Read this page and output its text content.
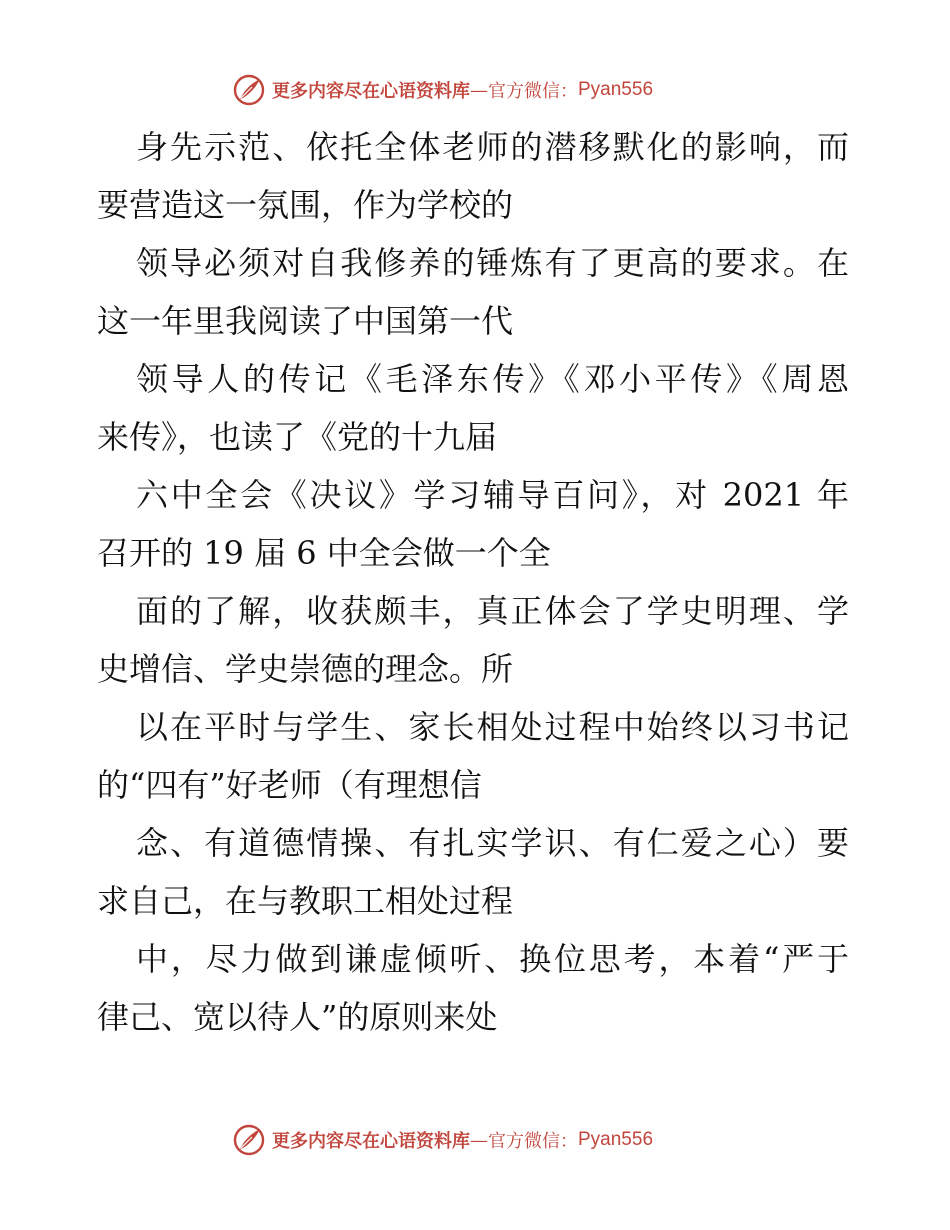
更多内容尽在心语资料库 — 官方微信： Pyan556
身先示范、依托全体老师的潜移默化的影响，而
要营造这一氛围，作为学校的
领导必须对自我修养的锤炼有了更高的要求。在
这一年里我阅读了中国第一代
领导人的传记《毛泽东传》《邓小平传》《周恩
来传》，也读了《党的十九届
六中全会《决议》学习辅导百问》，对 2021 年
召开的 19 届 6 中全会做一个全
面的了解，收获颇丰，真正体会了学史明理、学
史增信、学史崇德的理念。所
以在平时与学生、家长相处过程中始终以习书记
的“四有”好老师（有理想信
念、有道德情操、有扎实学识、有仁爱之心）要
求自己，在与教职工相处过程
中，尽力做到谦虚倾听、换位思考，本着“严于
律己、宽以待人”的原则来处
更多内容尽在心语资料库 — 官方微信： Pyan556
